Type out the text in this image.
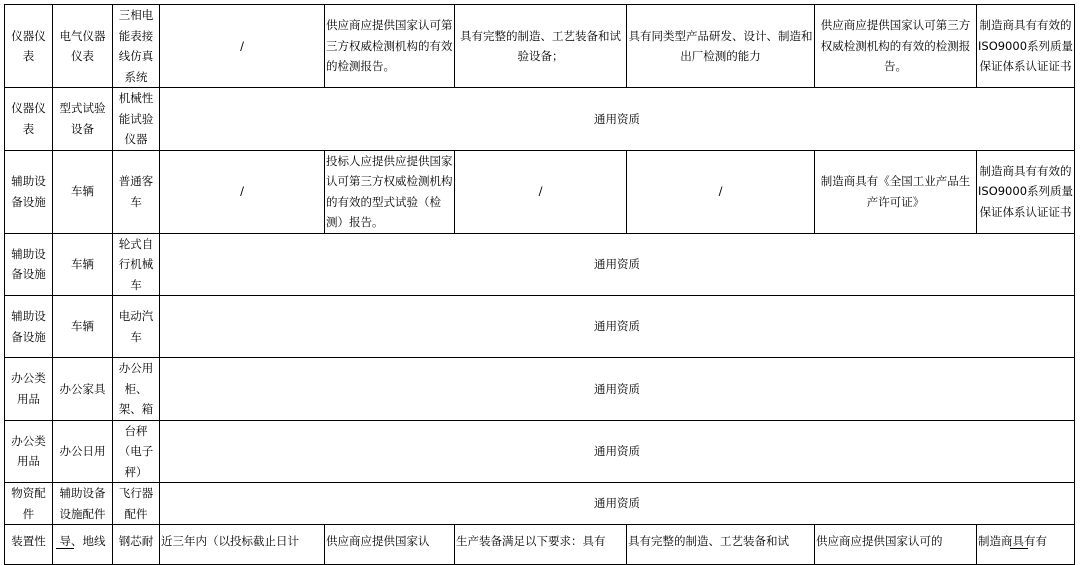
仪器仪表	电气仪器仪表	三相电能表接线仿真系统	/	供应商应提供国家认可第三方权威检测机构的有效的检测报告。	具有完整的制造、工艺装备和试验设备；	具有同类型产品研发、设计、制造和出厂检测的能力	供应商应提供国家认可第三方权威检测机构的有效的检测报告。	制造商具有有效的ISO9000系列质量保证体系认证证书
仪器仪表	型式试验设备	机械性能试验仪器	通用资质					
辅助设备设施	车辆	普通客车	/	投标人应提供应提供国家认可第三方权威检测机构的有效的型式试验（检测）报告。	/	/	制造商具有《全国工业产品生产许可证》	制造商具有有效的ISO9000系列质量保证体系认证证书
辅助设备设施	车辆	轮式自行机械车	通用资质					
辅助设备设施	车辆	电动汽车	通用资质					
办公类用品	办公家具	办公用柜、架、箱	通用资质					
办公类用品	办公日用	台秤（电子秤）	通用资质					
物资配件	辅助设备设施配件	飞行器配件	通用资质					
装置性	导、地线	钢芯耐	近三年内（以投标截止日计	供应商应提供国家认	生产装备满足以下要求：具有	具有完整的制造、工艺装备和试	供应商应提供国家认可的	制造商具有有
